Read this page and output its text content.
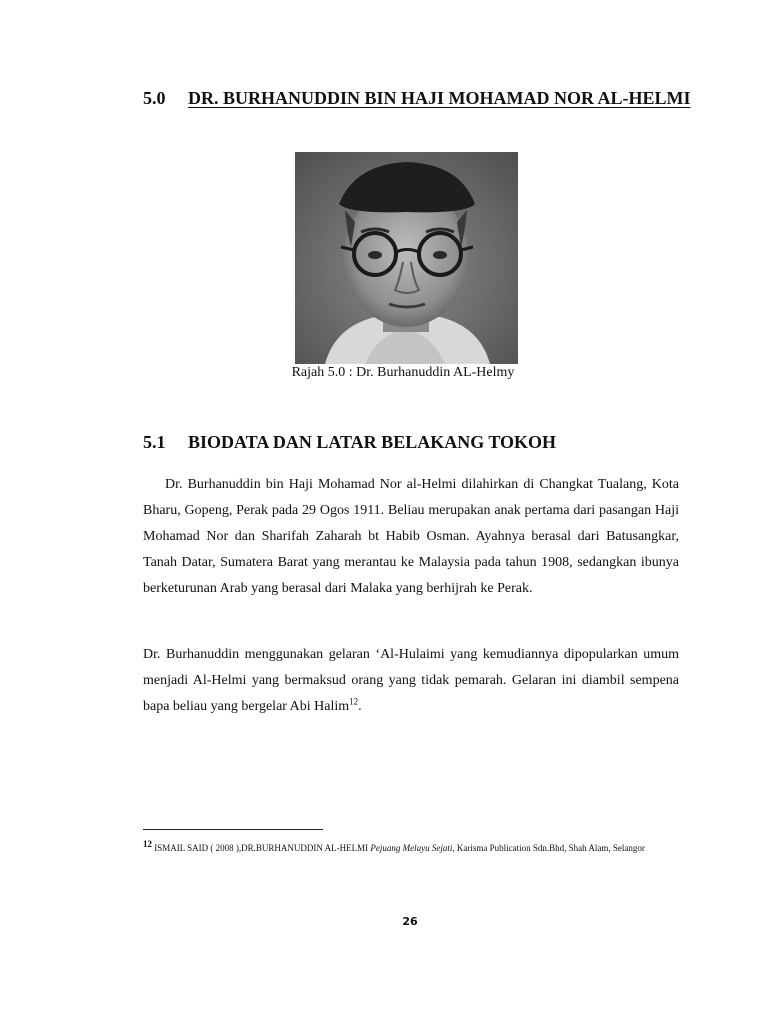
5.0 DR. BURHANUDDIN BIN HAJI MOHAMAD NOR AL-HELMI
Rajah 5.0 : Dr. Burhanuddin AL-Helmy
5.1 BIODATA DAN LATAR BELAKANG TOKOH

Dr. Burhanuddin bin Haji Mohamad Nor al-Helmi dilahirkan di Changkat Tualang, Kota Bharu, Gopeng, Perak pada 29 Ogos 1911. Beliau merupakan anak pertama dari pasangan Haji Mohamad Nor dan Sharifah Zaharah bt Habib Osman. Ayahnya berasal dari Batusangkar, Tanah Datar, Sumatera Barat yang merantau ke Malaysia pada tahun 1908, sedangkan ibunya berketurunan Arab yang berasal dari Malaka yang berhijrah ke Perak.

Dr. Burhanuddin menggunakan gelaran ‘Al-Hulaimi yang kemudiannya dipopularkan umum menjadi Al-Helmi yang bermaksud orang yang tidak pemarah. Gelaran ini diambil sempena bapa beliau yang bergelar Abi Halim$^{12}$.

$^{12}$ ISMAIL SAID ( 2008 ),DR.BURHANUDDIN AL-HELMI Pejuang Melayu Sejati, Karisma Publication Sdn.Bhd, Shah Alam, Selangor

26
